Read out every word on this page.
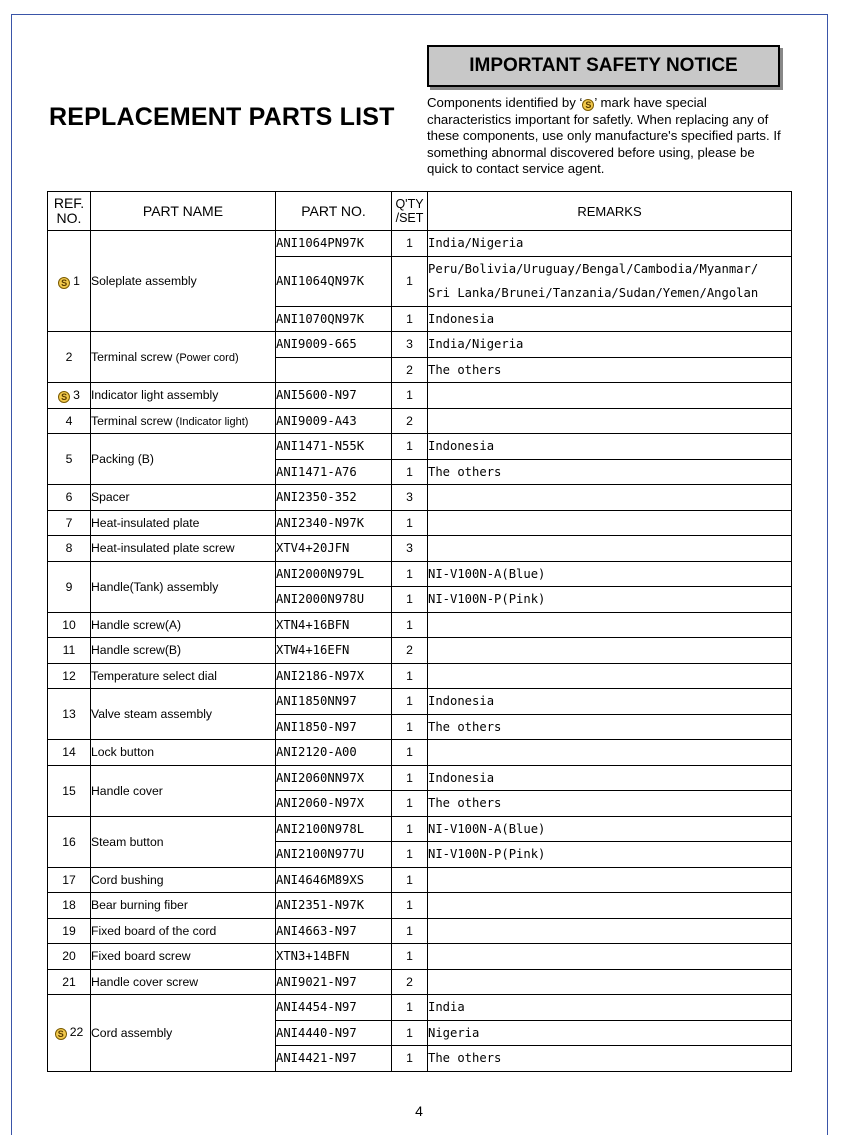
REPLACEMENT PARTS LIST
IMPORTANT SAFETY NOTICE
Components identified by ‘ S ’ mark have special characteristics important for safetly. When replacing any of these components, use only manufacture's specified parts. If something abnormal discovered before using, please be quick to contact service agent.
REF. NO.	PART NAME	PART NO.	Q'TY /SET	REMARKS
S 1	Soleplate assembly	ANI1064PN97K	1	India/Nigeria
		ANI1064QN97K	1	Peru/Bolivia/Uruguay/Bengal/Cambodia/Myanmar/
				Sri Lanka/Brunei/Tanzania/Sudan/Yemen/Angolan
		ANI1070QN97K	1	Indonesia
2	Terminal screw (Power cord)	ANI9009-665	3	India/Nigeria
			2	The others
S 3	Indicator light assembly	ANI5600-N97	1	
4	Terminal screw (Indicator light)	ANI9009-A43	2	
5	Packing (B)	ANI1471-N55K	1	Indonesia
		ANI1471-A76	1	The others
6	Spacer	ANI2350-352	3	
7	Heat-insulated plate	ANI2340-N97K	1	
8	Heat-insulated plate screw	XTV4+20JFN	3	
9	Handle(Tank) assembly	ANI2000N979L	1	NI-V100N-A(Blue)
		ANI2000N978U	1	NI-V100N-P(Pink)
10	Handle screw(A)	XTN4+16BFN	1	
11	Handle screw(B)	XTW4+16EFN	2	
12	Temperature select dial	ANI2186-N97X	1	
13	Valve steam assembly	ANI1850NN97	1	Indonesia
		ANI1850-N97	1	The others
14	Lock button	ANI2120-A00	1	
15	Handle cover	ANI2060NN97X	1	Indonesia
		ANI2060-N97X	1	The others
16	Steam button	ANI2100N978L	1	NI-V100N-A(Blue)
		ANI2100N977U	1	NI-V100N-P(Pink)
17	Cord bushing	ANI4646M89XS	1	
18	Bear burning fiber	ANI2351-N97K	1	
19	Fixed board of the cord	ANI4663-N97	1	
20	Fixed board screw	XTN3+14BFN	1	
21	Handle cover screw	ANI9021-N97	2	
S 22	Cord assembly	ANI4454-N97	1	India
		ANI4440-N97	1	Nigeria
		ANI4421-N97	1	The others
4
